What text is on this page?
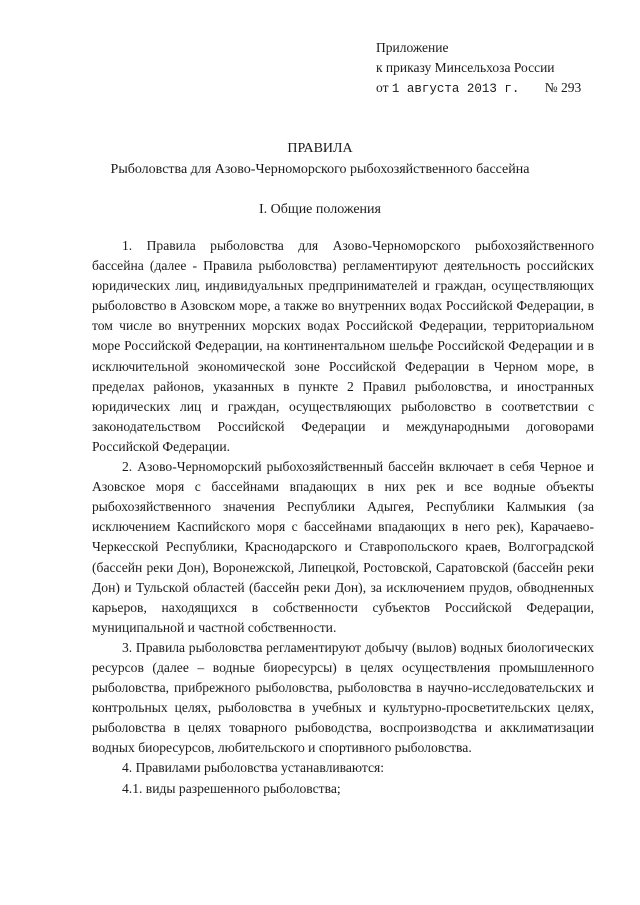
Приложение
к приказу Минсельхоза России
от 1 августа 2013 г. № 293
ПРАВИЛА
Рыболовства для Азово-Черноморского рыбохозяйственного бассейна
I. Общие положения

1. Правила рыболовства для Азово-Черноморского рыбохозяйственного бассейна (далее - Правила рыболовства) регламентируют деятельность российских юридических лиц, индивидуальных предпринимателей и граждан, осуществляющих рыболовство в Азовском море, а также во внутренних водах Российской Федерации, в том числе во внутренних морских водах Российской Федерации, территориальном море Российской Федерации, на континентальном шельфе Российской Федерации и в исключительной экономической зоне Российской Федерации в Черном море, в пределах районов, указанных в пункте 2 Правил рыболовства, и иностранных юридических лиц и граждан, осуществляющих рыболовство в соответствии с законодательством Российской Федерации и международными договорами Российской Федерации.

2. Азово-Черноморский рыбохозяйственный бассейн включает в себя Черное и Азовское моря с бассейнами впадающих в них рек и все водные объекты рыбохозяйственного значения Республики Адыгея, Республики Калмыкия (за исключением Каспийского моря с бассейнами впадающих в него рек), Карачаево-Черкесской Республики, Краснодарского и Ставропольского краев, Волгоградской (бассейн реки Дон), Воронежской, Липецкой, Ростовской, Саратовской (бассейн реки Дон) и Тульской областей (бассейн реки Дон), за исключением прудов, обводненных карьеров, находящихся в собственности субъектов Российской Федерации, муниципальной и частной собственности.

3. Правила рыболовства регламентируют добычу (вылов) водных биологических ресурсов (далее – водные биоресурсы) в целях осуществления промышленного рыболовства, прибрежного рыболовства, рыболовства в научно-исследовательских и контрольных целях, рыболовства в учебных и культурно-просветительских целях, рыболовства в целях товарного рыбоводства, воспроизводства и акклиматизации водных биоресурсов, любительского и спортивного рыболовства.

4. Правилами рыболовства устанавливаются:

4.1. виды разрешенного рыболовства;
